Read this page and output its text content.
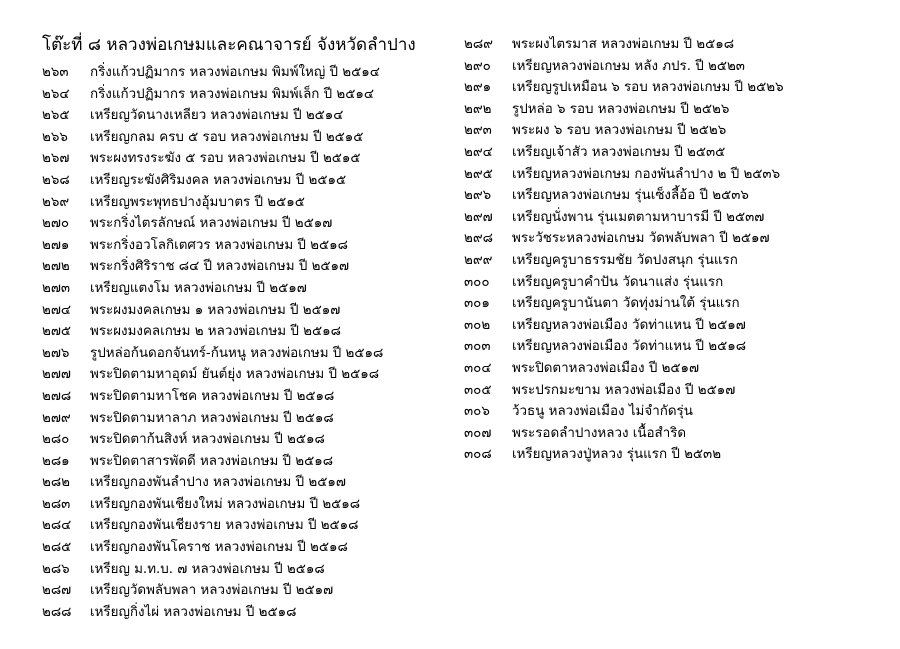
โต๊ะที่ ๘ หลวงพ่อเกษมและคณาจารย์ จังหวัดลำปาง
๒๖๓	กริ่งแก้วปฏิมากร หลวงพ่อเกษม พิมพ์ใหญ่ ปี ๒๕๑๔
๒๖๔	กริ่งแก้วปฏิมากร หลวงพ่อเกษม พิมพ์เล็ก ปี ๒๕๑๔
๒๖๕	เหรียญวัดนางเหลียว หลวงพ่อเกษม ปี ๒๕๑๔
๒๖๖	เหรียญกลม ครบ ๕ รอบ หลวงพ่อเกษม ปี ๒๕๑๕
๒๖๗	พระผงทรงระฆัง ๕ รอบ หลวงพ่อเกษม ปี ๒๕๑๕
๒๖๘	เหรียญระฆังศิริมงคล หลวงพ่อเกษม ปี ๒๕๑๕
๒๖๙	เหรียญพระพุทธปางอุ้มบาตร ปี ๒๕๑๕
๒๗๐	พระกริ่งไตรลักษณ์ หลวงพ่อเกษม ปี ๒๕๑๗
๒๗๑	พระกริ่งอวโลกิเตศวร หลวงพ่อเกษม ปี ๒๕๑๘
๒๗๒	พระกริ่งศิริราช ๘๔ ปี หลวงพ่อเกษม ปี ๒๕๑๗
๒๗๓	เหรียญแตงโม หลวงพ่อเกษม ปี ๒๕๑๗
๒๗๔	พระผงมงคลเกษม ๑ หลวงพ่อเกษม ปี ๒๕๑๗
๒๗๕	พระผงมงคลเกษม ๒ หลวงพ่อเกษม ปี ๒๕๑๘
๒๗๖	รูปหล่อก้นดอกจันทร์-ก้นหนู หลวงพ่อเกษม ปี ๒๕๑๘
๒๗๗	พระปิดตามหาอุดม์ ยันต์ยุ่ง หลวงพ่อเกษม ปี ๒๕๑๘
๒๗๘	พระปิดตามหาโชค หลวงพ่อเกษม ปี ๒๕๑๘
๒๗๙	พระปิดตามหาลาภ หลวงพ่อเกษม ปี ๒๕๑๘
๒๘๐	พระปิดตาก้นสิงห์ หลวงพ่อเกษม ปี ๒๕๑๘
๒๘๑	พระปิดตาสารพัดดี หลวงพ่อเกษม ปี ๒๕๑๘
๒๘๒	เหรียญกองพันลำปาง หลวงพ่อเกษม ปี ๒๕๑๗
๒๘๓	เหรียญกองพันเชียงใหม่ หลวงพ่อเกษม ปี ๒๕๑๘
๒๘๔	เหรียญกองพันเชียงราย หลวงพ่อเกษม ปี ๒๕๑๘
๒๘๕	เหรียญกองพันโคราช หลวงพ่อเกษม ปี ๒๕๑๘
๒๘๖	เหรียญ ม.ท.บ. ๗ หลวงพ่อเกษม ปี ๒๕๑๘
๒๘๗	เหรียญวัดพลับพลา หลวงพ่อเกษม ปี ๒๕๑๗
๒๘๘	เหรียญกิ่งไผ่ หลวงพ่อเกษม ปี ๒๕๑๘
๒๘๙	พระผงไตรมาส หลวงพ่อเกษม ปี ๒๕๑๘
๒๙๐	เหรียญหลวงพ่อเกษม หลัง ภปร. ปี ๒๕๒๓
๒๙๑	เหรียญรูปเหมือน ๖ รอบ หลวงพ่อเกษม ปี ๒๕๒๖
๒๙๒	รูปหล่อ ๖ รอบ หลวงพ่อเกษม ปี ๒๕๒๖
๒๙๓	พระผง ๖ รอบ หลวงพ่อเกษม ปี ๒๕๒๖
๒๙๔	เหรียญเจ้าสัว หลวงพ่อเกษม ปี ๒๕๓๕
๒๙๕	เหรียญหลวงพ่อเกษม กองพันลำปาง ๒ ปี ๒๕๓๖
๒๙๖	เหรียญหลวงพ่อเกษม รุ่นเซ็งลี้อ้อ ปี ๒๕๓๖
๒๙๗	เหรียญนั่งพาน รุ่นเมตตามหาบารมี ปี ๒๕๓๗
๒๙๘	พระวัชระหลวงพ่อเกษม วัดพลับพลา ปี ๒๕๑๗
๒๙๙	เหรียญครูบาธรรมชัย วัดปงสนุก รุ่นแรก
๓๐๐	เหรียญครูบาคำปัน วัดนาแส่ง รุ่นแรก
๓๐๑	เหรียญครูบานันตา วัดทุ่งม่านใต้ รุ่นแรก
๓๐๒	เหรียญหลวงพ่อเมือง วัดท่าแหน ปี ๒๕๑๗
๓๐๓	เหรียญหลวงพ่อเมือง วัดท่าแหน ปี ๒๕๑๘
๓๐๔	พระปิดตาหลวงพ่อเมือง ปี ๒๕๑๗
๓๐๕	พระปรกมะขาม หลวงพ่อเมือง ปี ๒๕๑๗
๓๐๖	ว้วธนู หลวงพ่อเมือง ไม่จำกัดรุ่น
๓๐๗	พระรอดลำปางหลวง เนื้อสำริด
๓๐๘	เหรียญหลวงปู่หลวง รุ่นแรก ปี ๒๕๓๒
